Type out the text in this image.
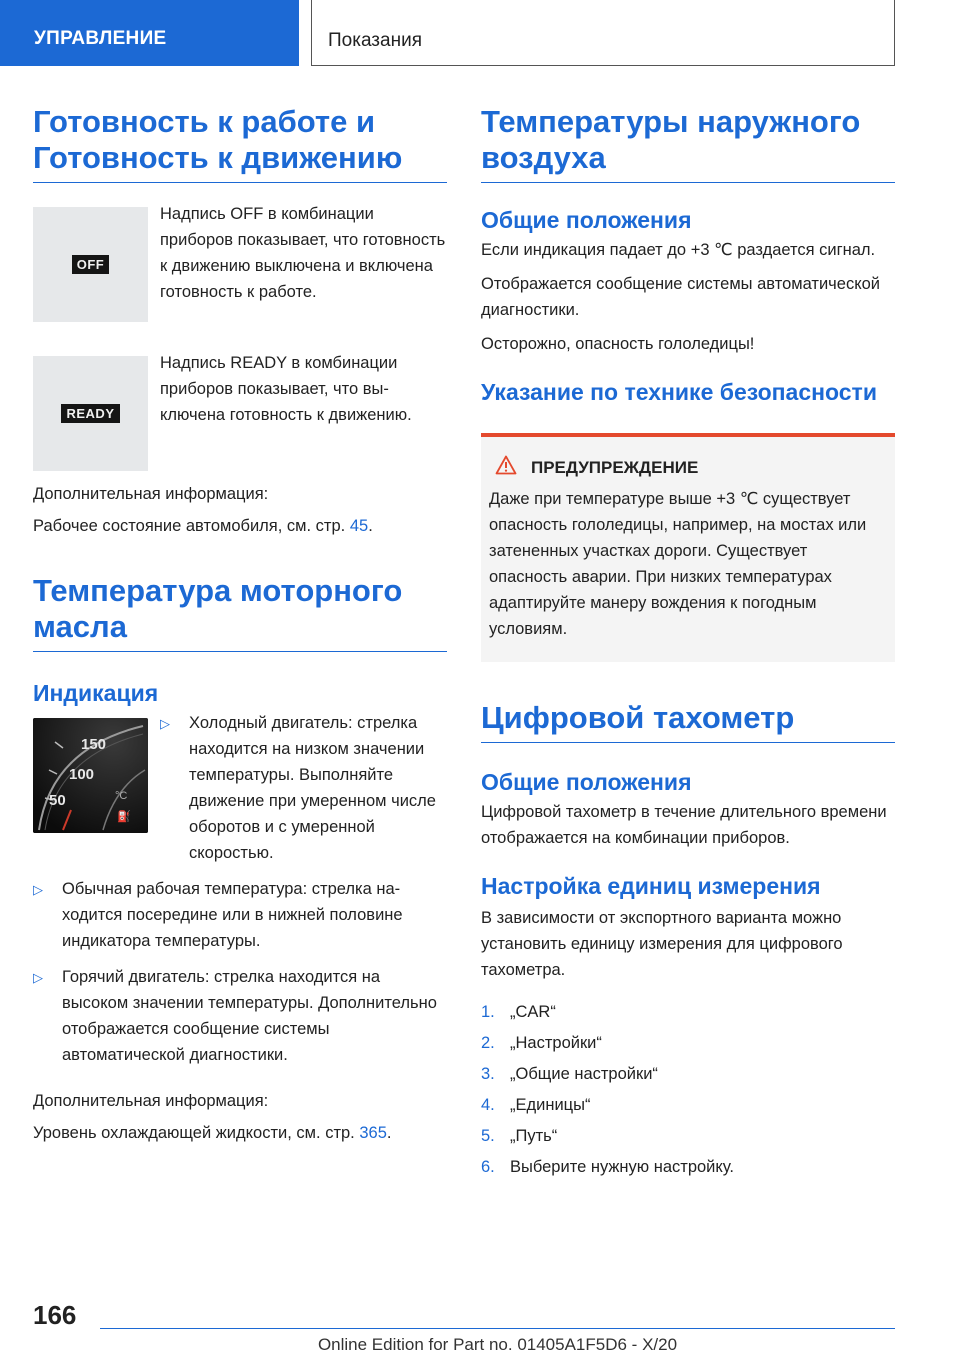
УПРАВЛЕНИЕ	Показания
Готовность к работе и Готовность к движению
OFF
Надпись OFF в комбинации приборов показывает, что готовность к движению выключена и включена готовность к работе.
READY
Надпись READY в комбинации приборов показывает, что выключена готовность к движению.

Дополнительная информация:

Рабочее состояние автомобиля, см. стр. 45.

Температура моторного масла
Индикация
150
100
50	°C
⛽
▷	Холодный двигатель: стрелка находится на низком значении температуры. Выполняйте движение при умеренном числе оборотов и с умеренной скоростью.
▷	Обычная рабочая температура: стрелка находится посередине или в нижней половине индикатора температуры.
▷	Горячий двигатель: стрелка находится на высоком значении температуры. Дополнительно отображается сообщение системы автоматической диагностики.

Дополнительная информация:

Уровень охлаждающей жидкости, см. стр. 365.

Температуры наружного воздуха
Общие положения

Если индикация падает до +3 ℃ раздается сигнал.

Отображается сообщение системы автоматической диагностики.

Осторожно, опасность гололедицы!

Указание по технике безопасности
ПРЕДУПРЕЖДЕНИЕ

Даже при температуре выше +3 ℃ существует опасность гололедицы, например, на мостах или затененных участках дороги. Существует опасность аварии. При низких температурах адаптируйте манеру вождения к погодным условиям.

Цифровой тахометр
Общие положения

Цифровой тахометр в течение длительного времени отображается на комбинации приборов.

Настройка единиц измерения

В зависимости от экспортного варианта можно установить единицу измерения для цифрового тахометра.

1. „CAR“
2. „Настройки“
3. „Общие настройки“
4. „Единицы“
5. „Путь“
6. Выберите нужную настройку.
166
Online Edition for Part no. 01405A1F5D6 - X/20
